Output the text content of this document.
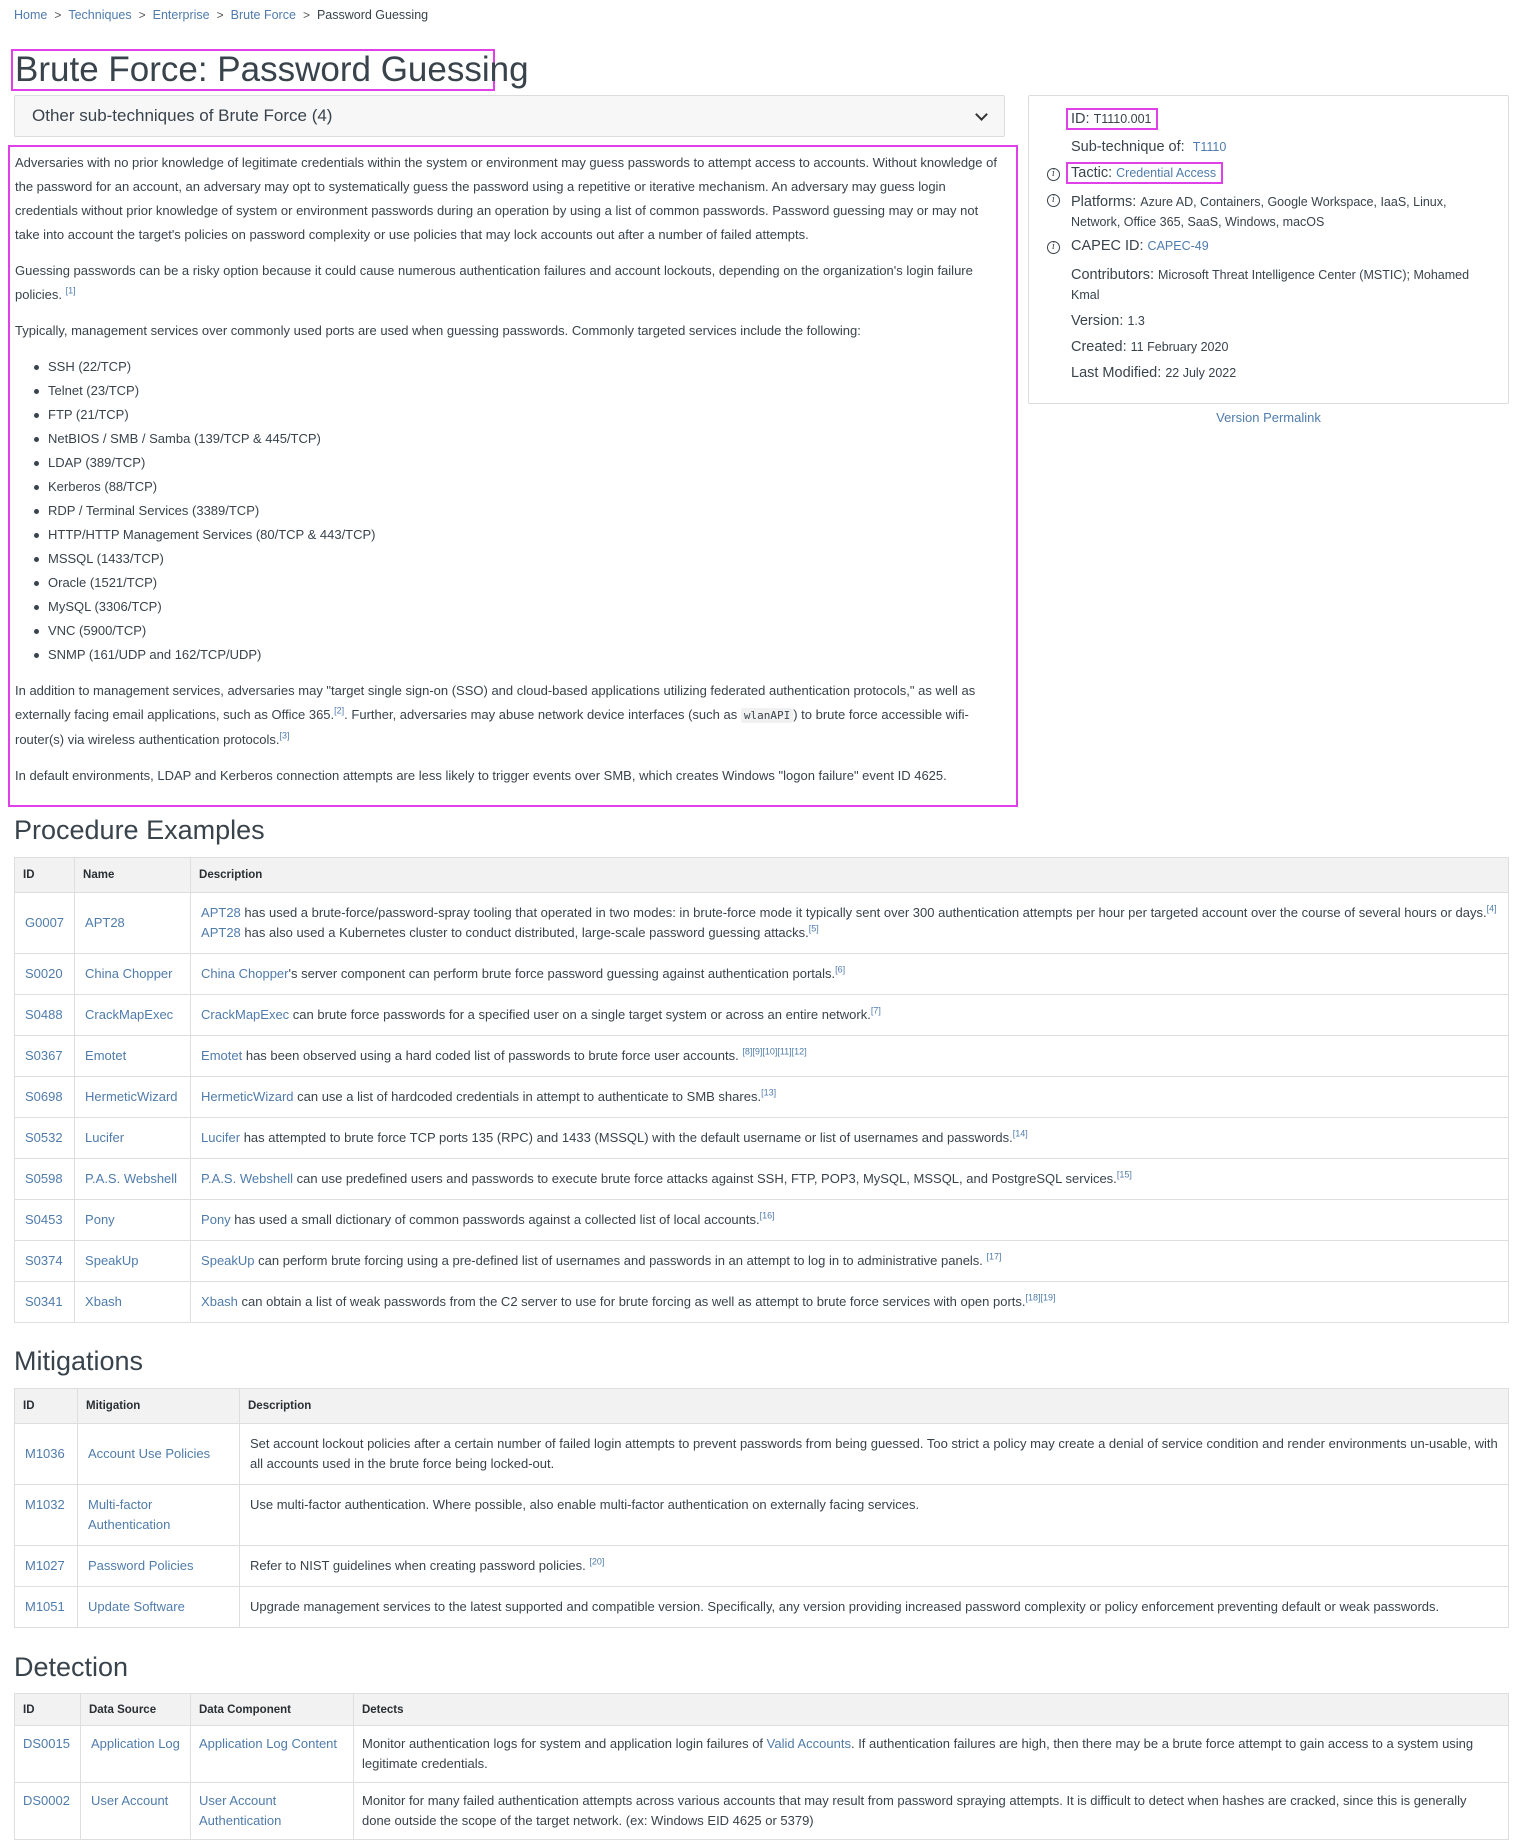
Home > Techniques > Enterprise > Brute Force > Password Guessing
Brute Force: Password Guessing
Other sub-techniques of Brute Force (4)

Adversaries with no prior knowledge of legitimate credentials within the system or environment may guess passwords to attempt access to accounts. Without knowledge of the password for an account, an adversary may opt to systematically guess the password using a repetitive or iterative mechanism. An adversary may guess login credentials without prior knowledge of system or environment passwords during an operation by using a list of common passwords. Password guessing may or may not take into account the target's policies on password complexity or use policies that may lock accounts out after a number of failed attempts.

Guessing passwords can be a risky option because it could cause numerous authentication failures and account lockouts, depending on the organization's login failure policies. [1]

Typically, management services over commonly used ports are used when guessing passwords. Commonly targeted services include the following:

SSH (22/TCP)
Telnet (23/TCP)
FTP (21/TCP)
NetBIOS / SMB / Samba (139/TCP & 445/TCP)
LDAP (389/TCP)
Kerberos (88/TCP)
RDP / Terminal Services (3389/TCP)
HTTP/HTTP Management Services (80/TCP & 443/TCP)
MSSQL (1433/TCP)
Oracle (1521/TCP)
MySQL (3306/TCP)
VNC (5900/TCP)
SNMP (161/UDP and 162/TCP/UDP)

In addition to management services, adversaries may "target single sign-on (SSO) and cloud-based applications utilizing federated authentication protocols," as well as externally facing email applications, such as Office 365.[2]. Further, adversaries may abuse network device interfaces (such as wlanAPI ) to brute force accessible wifi-router(s) via wireless authentication protocols.[3]

In default environments, LDAP and Kerberos connection attempts are less likely to trigger events over SMB, which creates Windows "logon failure" event ID 4625.

ID: T1110.001
Sub-technique of: T1110
i	Tactic: Credential Access
i	Platforms: Azure AD, Containers, Google Workspace, IaaS, Linux,
Network, Office 365, SaaS, Windows, macOS
i	CAPEC ID: CAPEC-49
Contributors: Microsoft Threat Intelligence Center (MSTIC); Mohamed
Kmal
Version: 1.3
Created: 11 February 2020
Last Modified: 22 July 2022
Version Permalink
Procedure Examples
ID	Name	Description
G0007	APT28	APT28 has used a brute-force/password-spray tooling that operated in two modes: in brute-force mode it typically sent over 300 authentication attempts per hour per targeted account over the course of several hours or days.[4] APT28 has also used a Kubernetes cluster to conduct distributed, large-scale password guessing attacks.[5]
S0020	China Chopper	China Chopper's server component can perform brute force password guessing against authentication portals.[6]
S0488	CrackMapExec	CrackMapExec can brute force passwords for a specified user on a single target system or across an entire network.[7]
S0367	Emotet	Emotet has been observed using a hard coded list of passwords to brute force user accounts. [8][9][10][11][12]
S0698	HermeticWizard	HermeticWizard can use a list of hardcoded credentials in attempt to authenticate to SMB shares.[13]
S0532	Lucifer	Lucifer has attempted to brute force TCP ports 135 (RPC) and 1433 (MSSQL) with the default username or list of usernames and passwords.[14]
S0598	P.A.S. Webshell	P.A.S. Webshell can use predefined users and passwords to execute brute force attacks against SSH, FTP, POP3, MySQL, MSSQL, and PostgreSQL services.[15]
S0453	Pony	Pony has used a small dictionary of common passwords against a collected list of local accounts.[16]
S0374	SpeakUp	SpeakUp can perform brute forcing using a pre-defined list of usernames and passwords in an attempt to log in to administrative panels. [17]
S0341	Xbash	Xbash can obtain a list of weak passwords from the C2 server to use for brute forcing as well as attempt to brute force services with open ports.[18][19]
Mitigations
ID	Mitigation	Description
M1036	Account Use Policies	Set account lockout policies after a certain number of failed login attempts to prevent passwords from being guessed. Too strict a policy may create a denial of service condition and render environments un-usable, with all accounts used in the brute force being locked-out.
M1032	Multi-factor Authentication	Use multi-factor authentication. Where possible, also enable multi-factor authentication on externally facing services.
M1027	Password Policies	Refer to NIST guidelines when creating password policies. [20]
M1051	Update Software	Upgrade management services to the latest supported and compatible version. Specifically, any version providing increased password complexity or policy enforcement preventing default or weak passwords.
Detection
ID	Data Source	Data Component	Detects
DS0015	Application Log	Application Log Content	Monitor authentication logs for system and application login failures of Valid Accounts. If authentication failures are high, then there may be a brute force attempt to gain access to a system using legitimate credentials.
DS0002	User Account	User Account Authentication	Monitor for many failed authentication attempts across various accounts that may result from password spraying attempts. It is difficult to detect when hashes are cracked, since this is generally done outside the scope of the target network. (ex: Windows EID 4625 or 5379)
